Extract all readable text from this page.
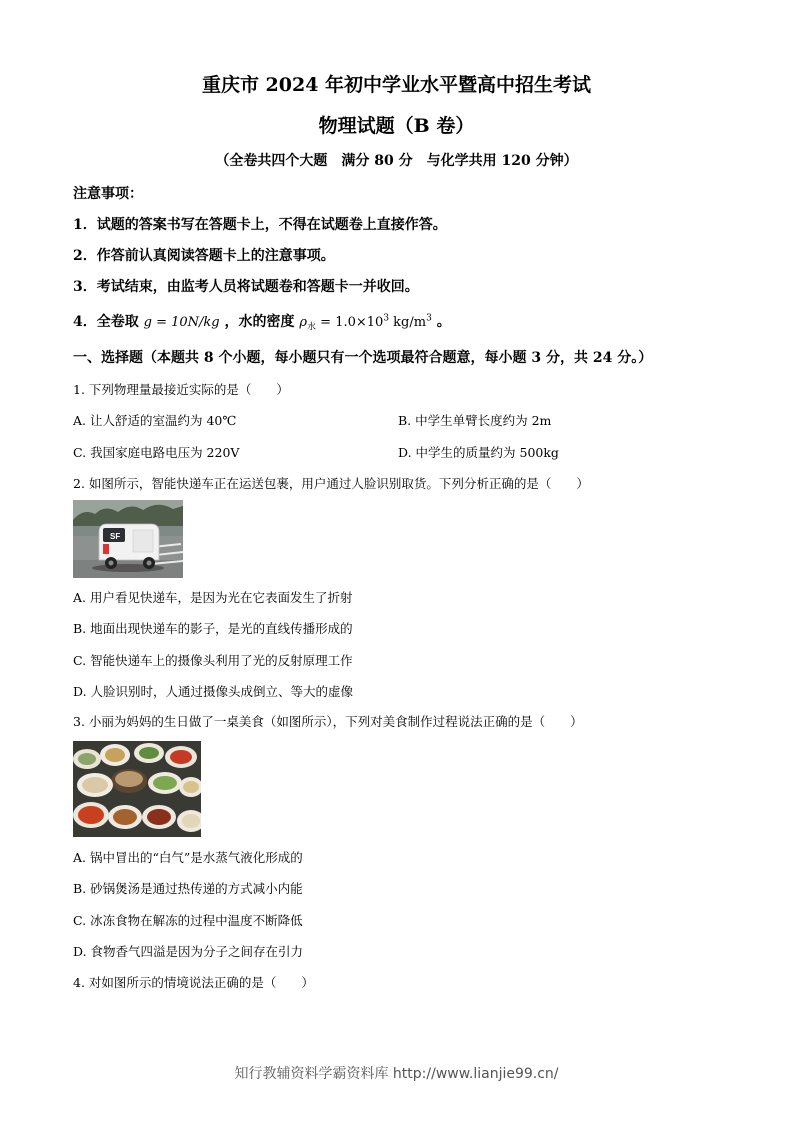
重庆市 2024 年初中学业水平暨高中招生考试
物理试题（B 卷）
（全卷共四个大题　满分 80 分　与化学共用 120 分钟）
注意事项：
1．试题的答案书写在答题卡上，不得在试题卷上直接作答。
2．作答前认真阅读答题卡上的注意事项。
3．考试结束，由监考人员将试题卷和答题卡一并收回。
4．全卷取 g = 10N/kg ，水的密度 $\rho_水 = 1.0\times 10^3$ $kg/m^3$ 。
一、选择题（本题共 8 个小题，每小题只有一个选项最符合题意，每小题 3 分，共 24 分。）
1. 下列物理量最接近实际的是（　　）
A. 让人舒适的室温约为 40℃	B. 中学生单臂长度约为 2m
C. 我国家庭电路电压为 220V	D. 中学生的质量约为 500kg
2. 如图所示，智能快递车正在运送包裹，用户通过人脸识别取货。下列分析正确的是（　　）
SF
A. 用户看见快递车，是因为光在它表面发生了折射
B. 地面出现快递车的影子，是光的直线传播形成的
C. 智能快递车上的摄像头利用了光的反射原理工作
D. 人脸识别时，人通过摄像头成倒立、等大的虚像
3. 小丽为妈妈的生日做了一桌美食（如图所示），下列对美食制作过程说法正确的是（　　）
A. 锅中冒出的“白气”是水蒸气液化形成的
B. 砂锅煲汤是通过热传递的方式减小内能
C. 冰冻食物在解冻的过程中温度不断降低
D. 食物香气四溢是因为分子之间存在引力
4. 对如图所示的情境说法正确的是（　　）
知行教辅资料学霸资料库 http://www.lianjie99.cn/
